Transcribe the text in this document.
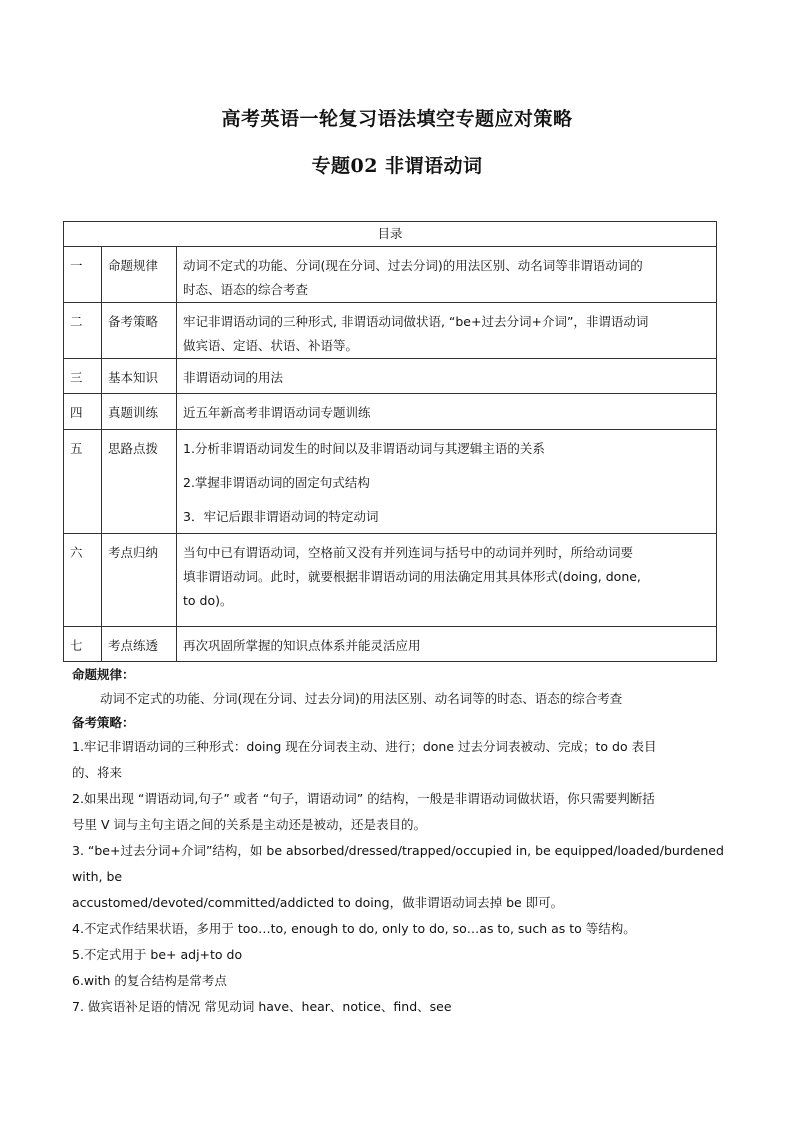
高考英语一轮复习语法填空专题应对策略
专题02 非谓语动词
目录		
一	命题规律	动词不定式的功能、分词(现在分词、过去分词)的用法区别、动名词等非谓语动词的
时态、语态的综合考查

二	备考策略	牢记非谓语动词的三种形式, 非谓语动词做状语, “be+过去分词+介词”，非谓语动词
做宾语、定语、状语、补语等。

三	基本知识	非谓语动词的用法

四	真题训练	近五年新高考非谓语动词专题训练

五	思路点拨	1.分析非谓语动词发生的时间以及非谓语动词与其逻辑主语的关系
2.掌握非谓语动词的固定句式结构
3．牢记后跟非谓语动词的特定动词

六	考点归纳	当句中已有谓语动词，空格前又没有并列连词与括号中的动词并列时，所给动词要
填非谓语动词。此时，就要根据非谓语动词的用法确定用其具体形式(doing, done,
to do)。

七	考点练透	再次巩固所掌握的知识点体系并能灵活应用

命题规律：

动词不定式的功能、分词(现在分词、过去分词)的用法区别、动名词等的时态、语态的综合考查

备考策略：

1.牢记非谓语动词的三种形式：doing 现在分词表主动、进行；done 过去分词表被动、完成；to do 表目
的、将来

2.如果出现 “谓语动词,句子” 或者 “句子，谓语动词” 的结构，一般是非谓语动词做状语，你只需要判断括
号里 V 词与主句主语之间的关系是主动还是被动，还是表目的。

3. “be+过去分词+介词”结构，如 be absorbed/dressed/trapped/occupied in, be equipped/loaded/burdened with, be
accustomed/devoted/committed/addicted to doing，做非谓语动词去掉 be 即可。

4.不定式作结果状语，多用于 too…to, enough to do, only to do, so…as to, such as to 等结构。

5.不定式用于 be+ adj+to do

6.with 的复合结构是常考点

7. 做宾语补足语的情况 常见动词 have、hear、notice、find、see
